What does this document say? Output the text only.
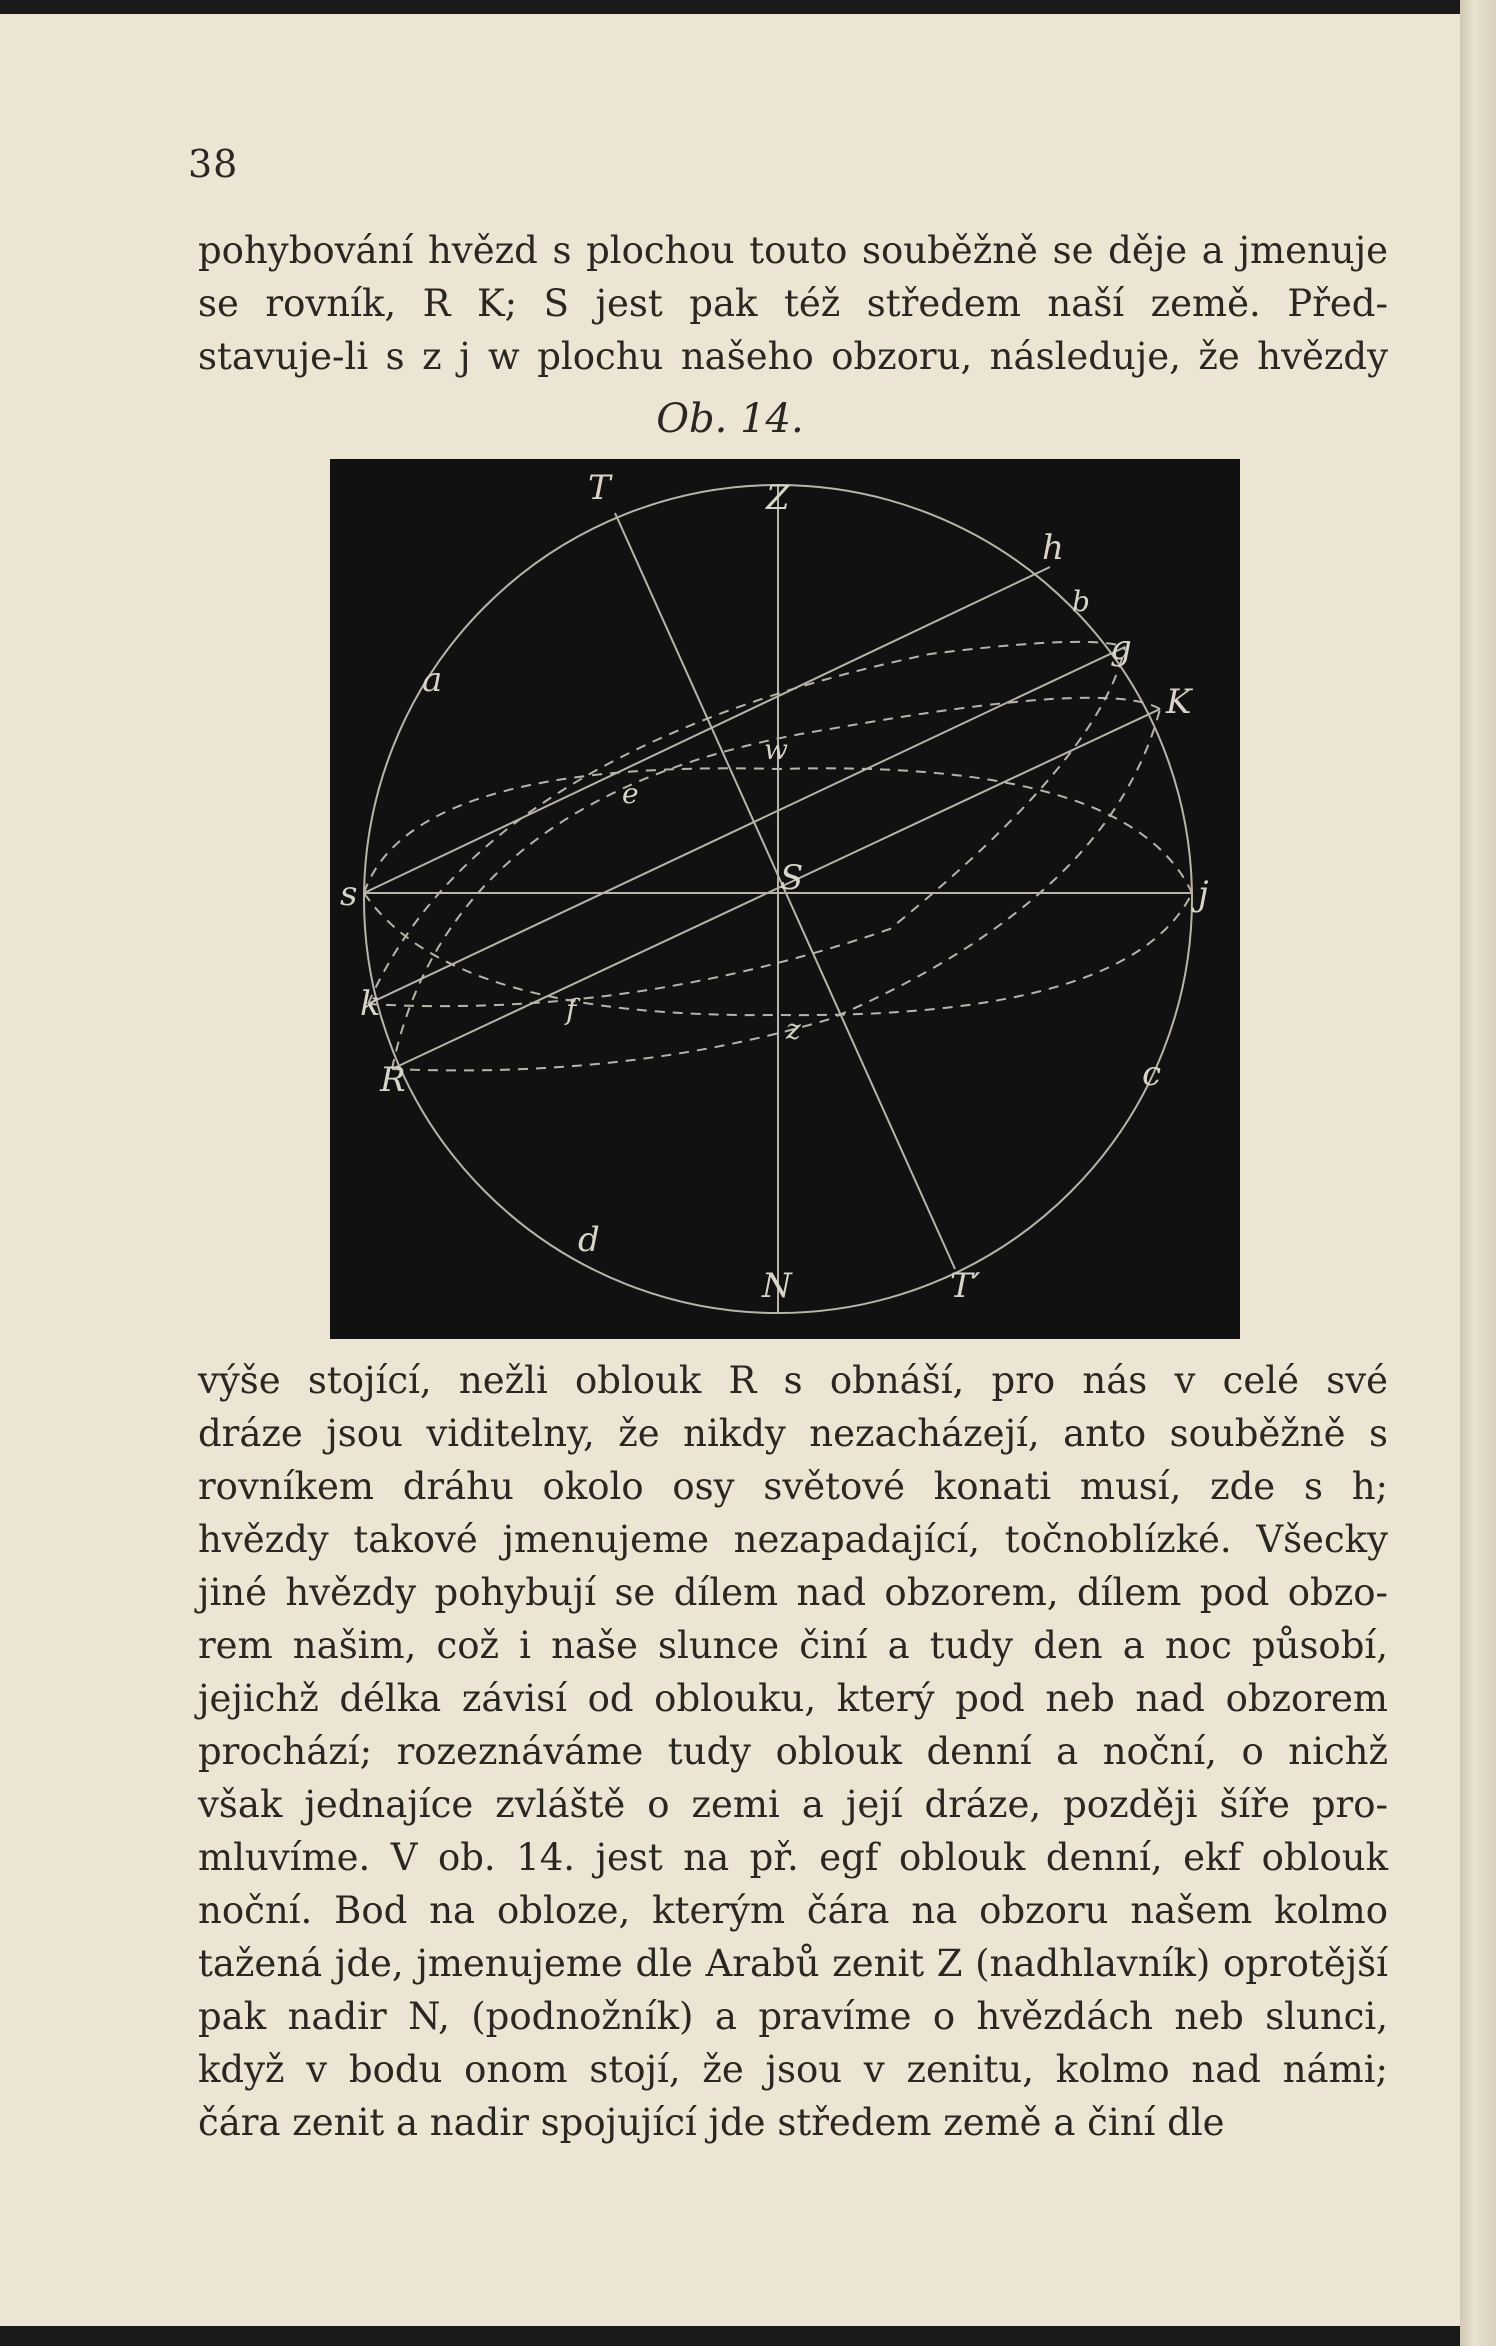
38
pohybování hvězd s plochou touto souběžně se děje a jmenuje
se rovník, R K; S jest pak též středem naší země. Před-
stavuje-li s z j w plochu našeho obzoru, následuje, že hvězdy
Ob. 14.
T	Z
h
b
g
K
a
w
e
s	S	j
k	f
z
R	c
d
N	T′
výše stojící, nežli oblouk R s obnáší, pro nás v celé své
dráze jsou viditelny, že nikdy nezacházejí, anto souběžně s
rovníkem dráhu okolo osy světové konati musí, zde s h;
hvězdy takové jmenujeme nezapadající, točnoblízké. Všecky
jiné hvězdy pohybují se dílem nad obzorem, dílem pod obzo-
rem našim, což i naše slunce činí a tudy den a noc působí,
jejichž délka závisí od oblouku, který pod neb nad obzorem
prochází; rozeznáváme tudy oblouk denní a noční, o nichž
však jednajíce zvláště o zemi a její dráze, později šíře pro-
mluvíme. V ob. 14. jest na př. egf oblouk denní, ekf oblouk
noční. Bod na obloze, kterým čára na obzoru našem kolmo
tažená jde, jmenujeme dle Arabů zenit Z (nadhlavník) oprotější
pak nadir N, (podnožník) a pravíme o hvězdách neb slunci,
když v bodu onom stojí, že jsou v zenitu, kolmo nad námi;
čára zenit a nadir spojující jde středem země a činí dle
